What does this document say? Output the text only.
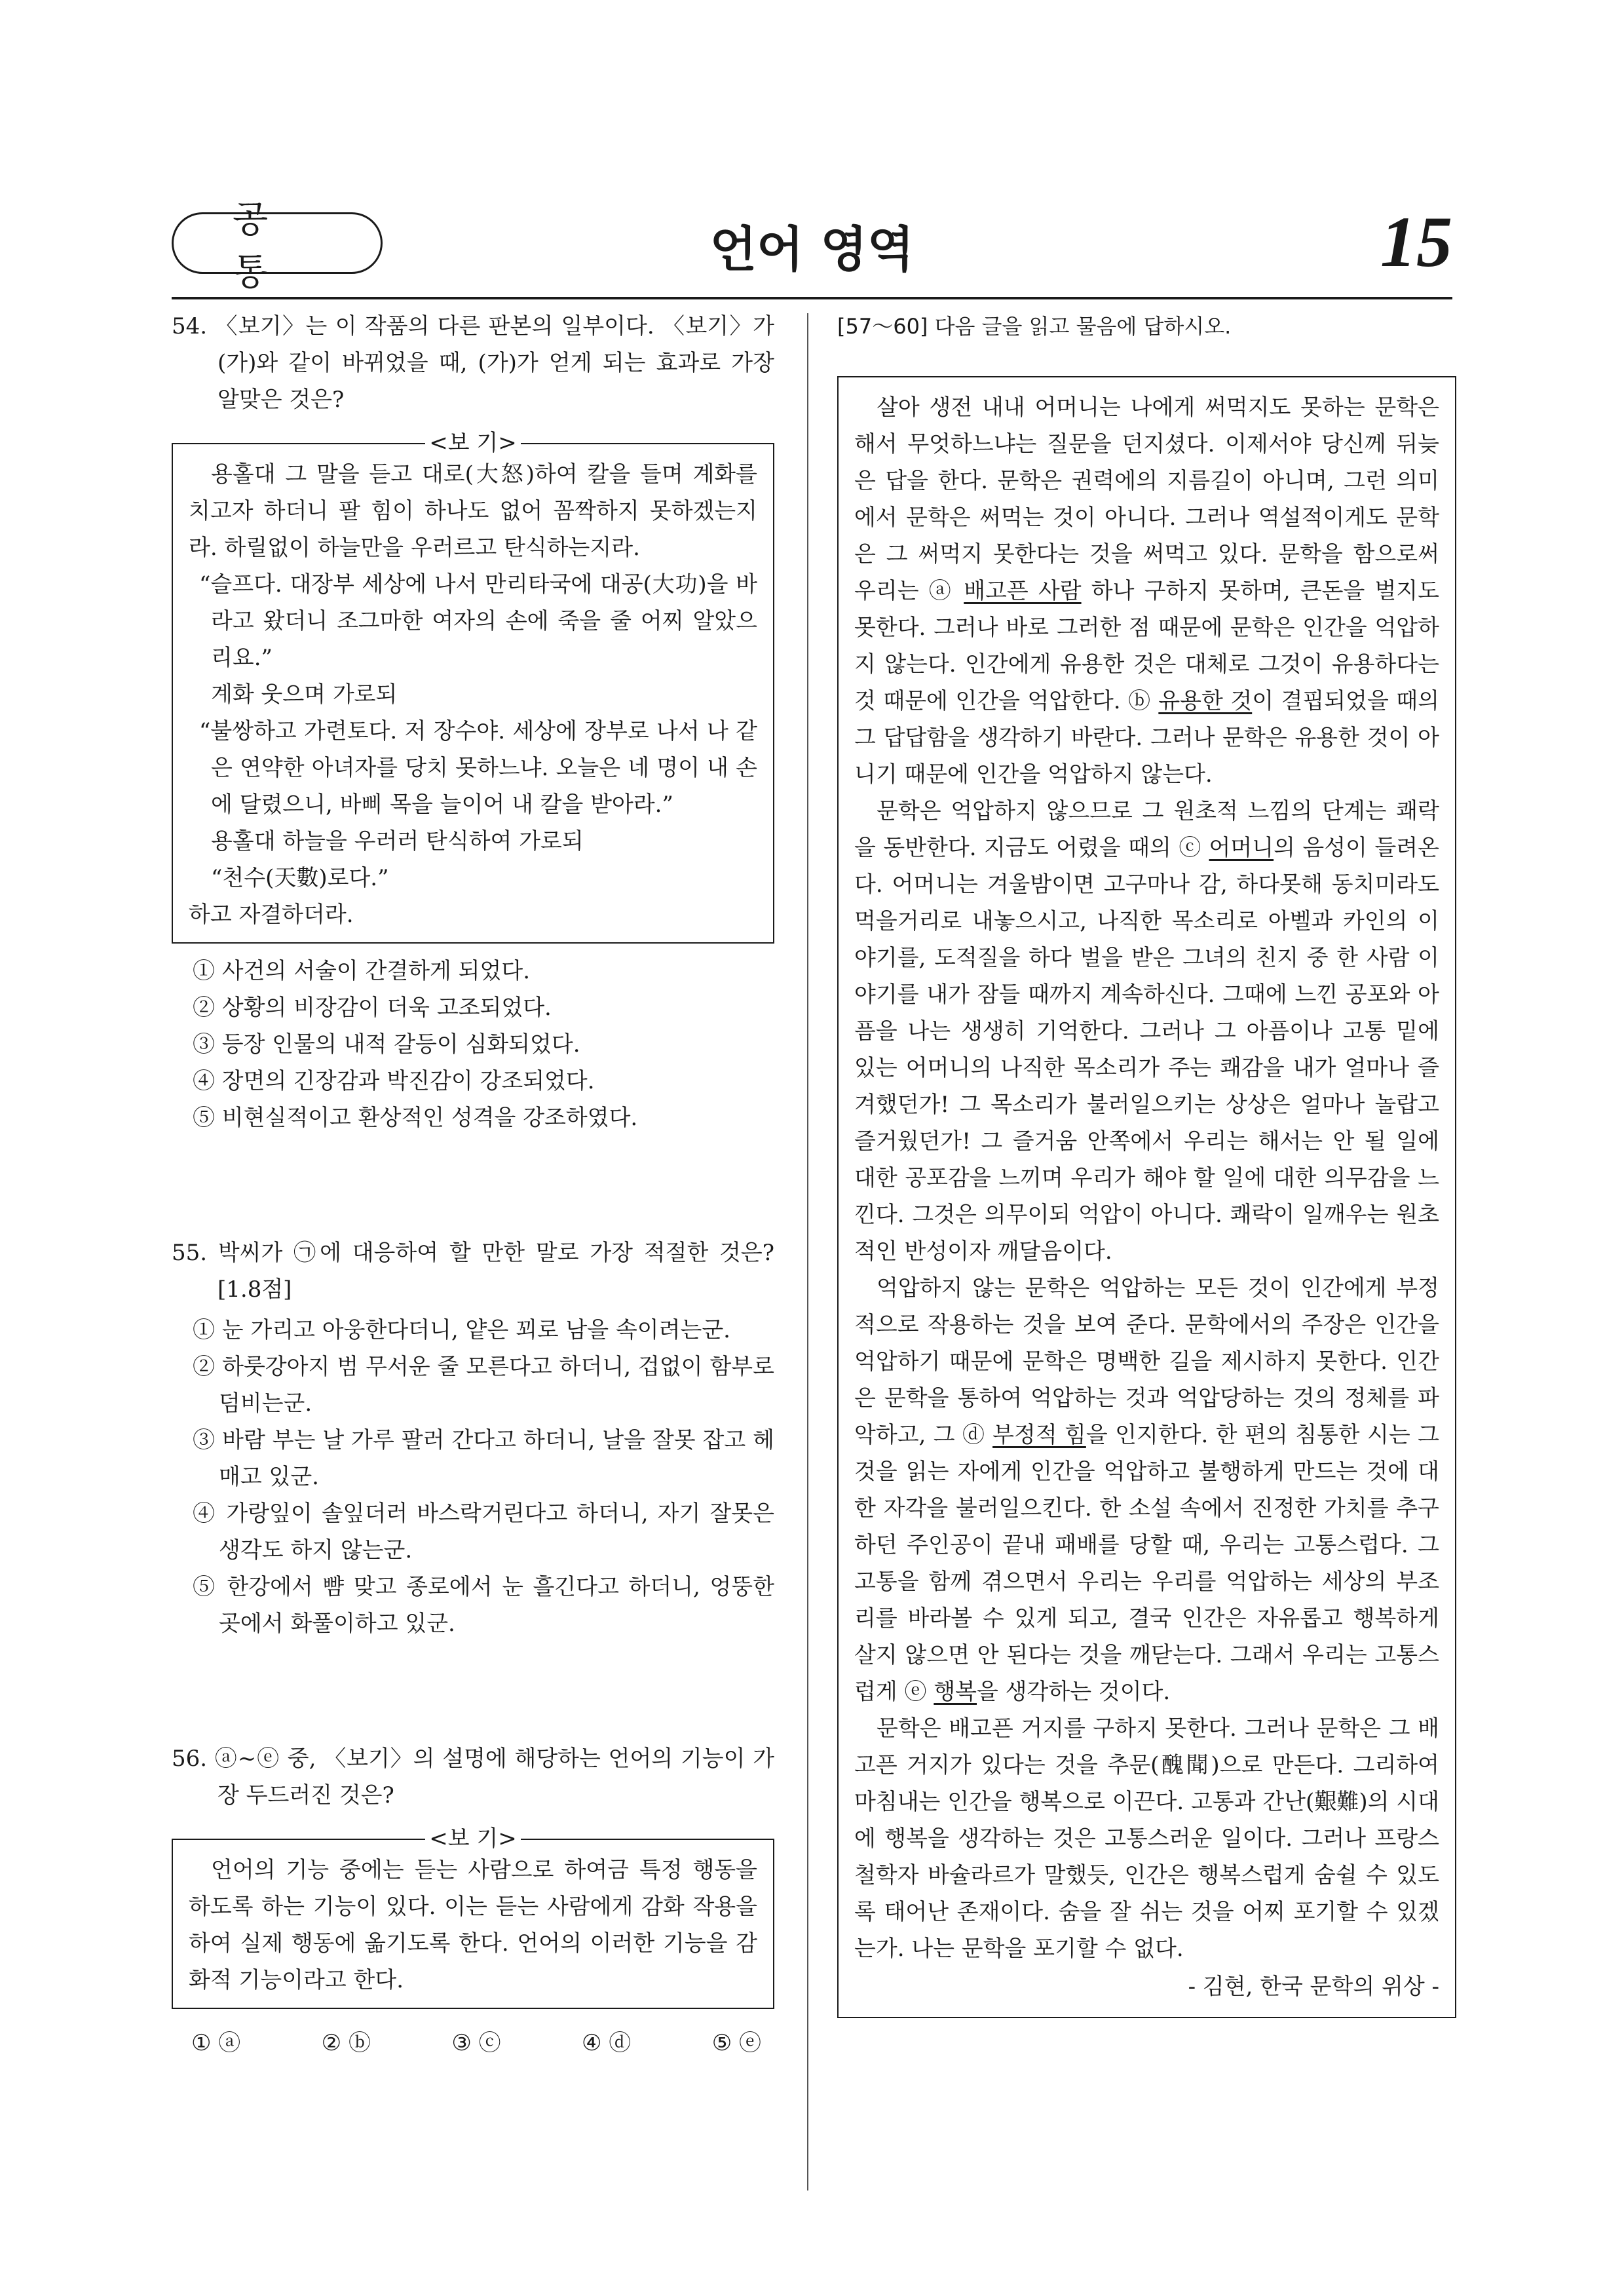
공 통	언어 영역	15
54. 〈보기〉는 이 작품의 다른 판본의 일부이다. 〈보기〉가 (가)와 같이 바뀌었을 때, (가)가 얻게 되는 효과로 가장 알맞은 것은?
<보 기>

용홀대 그 말을 듣고 대로(大怒)하여 칼을 들며 계화를 치고자 하더니 팔 힘이 하나도 없어 꼼짝하지 못하겠는지라. 하릴없이 하늘만을 우러르고 탄식하는지라.

“슬프다. 대장부 세상에 나서 만리타국에 대공(大功)을 바라고 왔더니 조그마한 여자의 손에 죽을 줄 어찌 알았으리요.”

계화 웃으며 가로되

“불쌍하고 가련토다. 저 장수야. 세상에 장부로 나서 나 같은 연약한 아녀자를 당치 못하느냐. 오늘은 네 명이 내 손에 달렸으니, 바삐 목을 늘이어 내 칼을 받아라.”

용홀대 하늘을 우러러 탄식하여 가로되

“천수(天數)로다.”

하고 자결하더라.

① 사건의 서술이 간결하게 되었다.
② 상황의 비장감이 더욱 고조되었다.
③ 등장 인물의 내적 갈등이 심화되었다.
④ 장면의 긴장감과 박진감이 강조되었다.
⑤ 비현실적이고 환상적인 성격을 강조하였다.
55. 박씨가 ㉠에 대응하여 할 만한 말로 가장 적절한 것은? [1.8점]
① 눈 가리고 아웅한다더니, 얕은 꾀로 남을 속이려는군.
② 하룻강아지 범 무서운 줄 모른다고 하더니, 겁없이 함부로 덤비는군.
③ 바람 부는 날 가루 팔러 간다고 하더니, 날을 잘못 잡고 헤매고 있군.
④ 가랑잎이 솔잎더러 바스락거린다고 하더니, 자기 잘못은 생각도 하지 않는군.
⑤ 한강에서 뺨 맞고 종로에서 눈 흘긴다고 하더니, 엉뚱한 곳에서 화풀이하고 있군.
56. ⓐ~ⓔ 중, 〈보기〉의 설명에 해당하는 언어의 기능이 가장 두드러진 것은?
<보 기>

언어의 기능 중에는 듣는 사람으로 하여금 특정 행동을 하도록 하는 기능이 있다. 이는 듣는 사람에게 감화 작용을 하여 실제 행동에 옮기도록 한다. 언어의 이러한 기능을 감화적 기능이라고 한다.

① ⓐ	② ⓑ	③ ⓒ	④ ⓓ	⑤ ⓔ
[57～60] 다음 글을 읽고 물음에 답하시오.

살아 생전 내내 어머니는 나에게 써먹지도 못하는 문학은 해서 무엇하느냐는 질문을 던지셨다. 이제서야 당신께 뒤늦은 답을 한다. 문학은 권력에의 지름길이 아니며, 그런 의미에서 문학은 써먹는 것이 아니다. 그러나 역설적이게도 문학은 그 써먹지 못한다는 것을 써먹고 있다. 문학을 함으로써 우리는 ⓐ 배고픈 사람 하나 구하지 못하며, 큰돈을 벌지도 못한다. 그러나 바로 그러한 점 때문에 문학은 인간을 억압하지 않는다. 인간에게 유용한 것은 대체로 그것이 유용하다는 것 때문에 인간을 억압한다. ⓑ 유용한 것이 결핍되었을 때의 그 답답함을 생각하기 바란다. 그러나 문학은 유용한 것이 아니기 때문에 인간을 억압하지 않는다.

문학은 억압하지 않으므로 그 원초적 느낌의 단계는 쾌락을 동반한다. 지금도 어렸을 때의 ⓒ 어머니의 음성이 들려온다. 어머니는 겨울밤이면 고구마나 감, 하다못해 동치미라도 먹을거리로 내놓으시고, 나직한 목소리로 아벨과 카인의 이야기를, 도적질을 하다 벌을 받은 그녀의 친지 중 한 사람 이야기를 내가 잠들 때까지 계속하신다. 그때에 느낀 공포와 아픔을 나는 생생히 기억한다. 그러나 그 아픔이나 고통 밑에 있는 어머니의 나직한 목소리가 주는 쾌감을 내가 얼마나 즐겨했던가! 그 목소리가 불러일으키는 상상은 얼마나 놀랍고 즐거웠던가! 그 즐거움 안쪽에서 우리는 해서는 안 될 일에 대한 공포감을 느끼며 우리가 해야 할 일에 대한 의무감을 느낀다. 그것은 의무이되 억압이 아니다. 쾌락이 일깨우는 원초적인 반성이자 깨달음이다.

억압하지 않는 문학은 억압하는 모든 것이 인간에게 부정적으로 작용하는 것을 보여 준다. 문학에서의 주장은 인간을 억압하기 때문에 문학은 명백한 길을 제시하지 못한다. 인간은 문학을 통하여 억압하는 것과 억압당하는 것의 정체를 파악하고, 그 ⓓ 부정적 힘을 인지한다. 한 편의 침통한 시는 그것을 읽는 자에게 인간을 억압하고 불행하게 만드는 것에 대한 자각을 불러일으킨다. 한 소설 속에서 진정한 가치를 추구하던 주인공이 끝내 패배를 당할 때, 우리는 고통스럽다. 그 고통을 함께 겪으면서 우리는 우리를 억압하는 세상의 부조리를 바라볼 수 있게 되고, 결국 인간은 자유롭고 행복하게 살지 않으면 안 된다는 것을 깨닫는다. 그래서 우리는 고통스럽게 ⓔ 행복을 생각하는 것이다.

문학은 배고픈 거지를 구하지 못한다. 그러나 문학은 그 배고픈 거지가 있다는 것을 추문(醜聞)으로 만든다. 그리하여 마침내는 인간을 행복으로 이끈다. 고통과 간난(艱難)의 시대에 행복을 생각하는 것은 고통스러운 일이다. 그러나 프랑스 철학자 바슐라르가 말했듯, 인간은 행복스럽게 숨쉴 수 있도록 태어난 존재이다. 숨을 잘 쉬는 것을 어찌 포기할 수 있겠는가. 나는 문학을 포기할 수 없다.

- 김현, 한국 문학의 위상 -
